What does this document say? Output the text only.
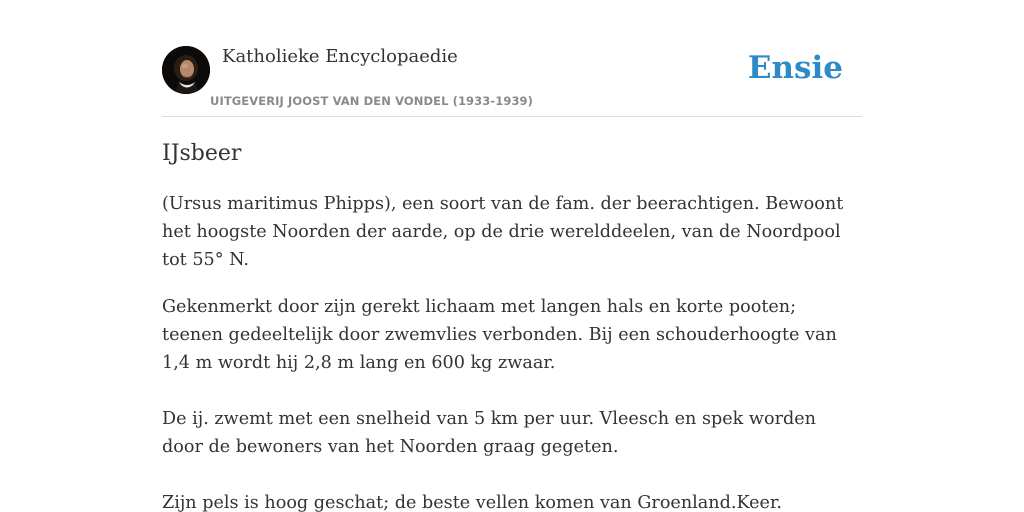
Katholieke Encyclopaedie
UITGEVERIJ JOOST VAN DEN VONDEL (1933-1939)
Ensie
IJsbeer

(Ursus maritimus Phipps), een soort van de fam. der beerachtigen. Bewoont het hoogste Noorden der aarde, op de drie werelddeelen, van de Noordpool tot 55° N.

Gekenmerkt door zijn gerekt lichaam met langen hals en korte pooten; teenen gedeeltelijk door zwemvlies verbonden. Bij een schouderhoogte van 1,4 m wordt hij 2,8 m lang en 600 kg zwaar.

De ij. zwemt met een snelheid van 5 km per uur. Vleesch en spek worden door de bewoners van het Noorden graag gegeten.

Zijn pels is hoog geschat; de beste vellen komen van Groenland.Keer.
